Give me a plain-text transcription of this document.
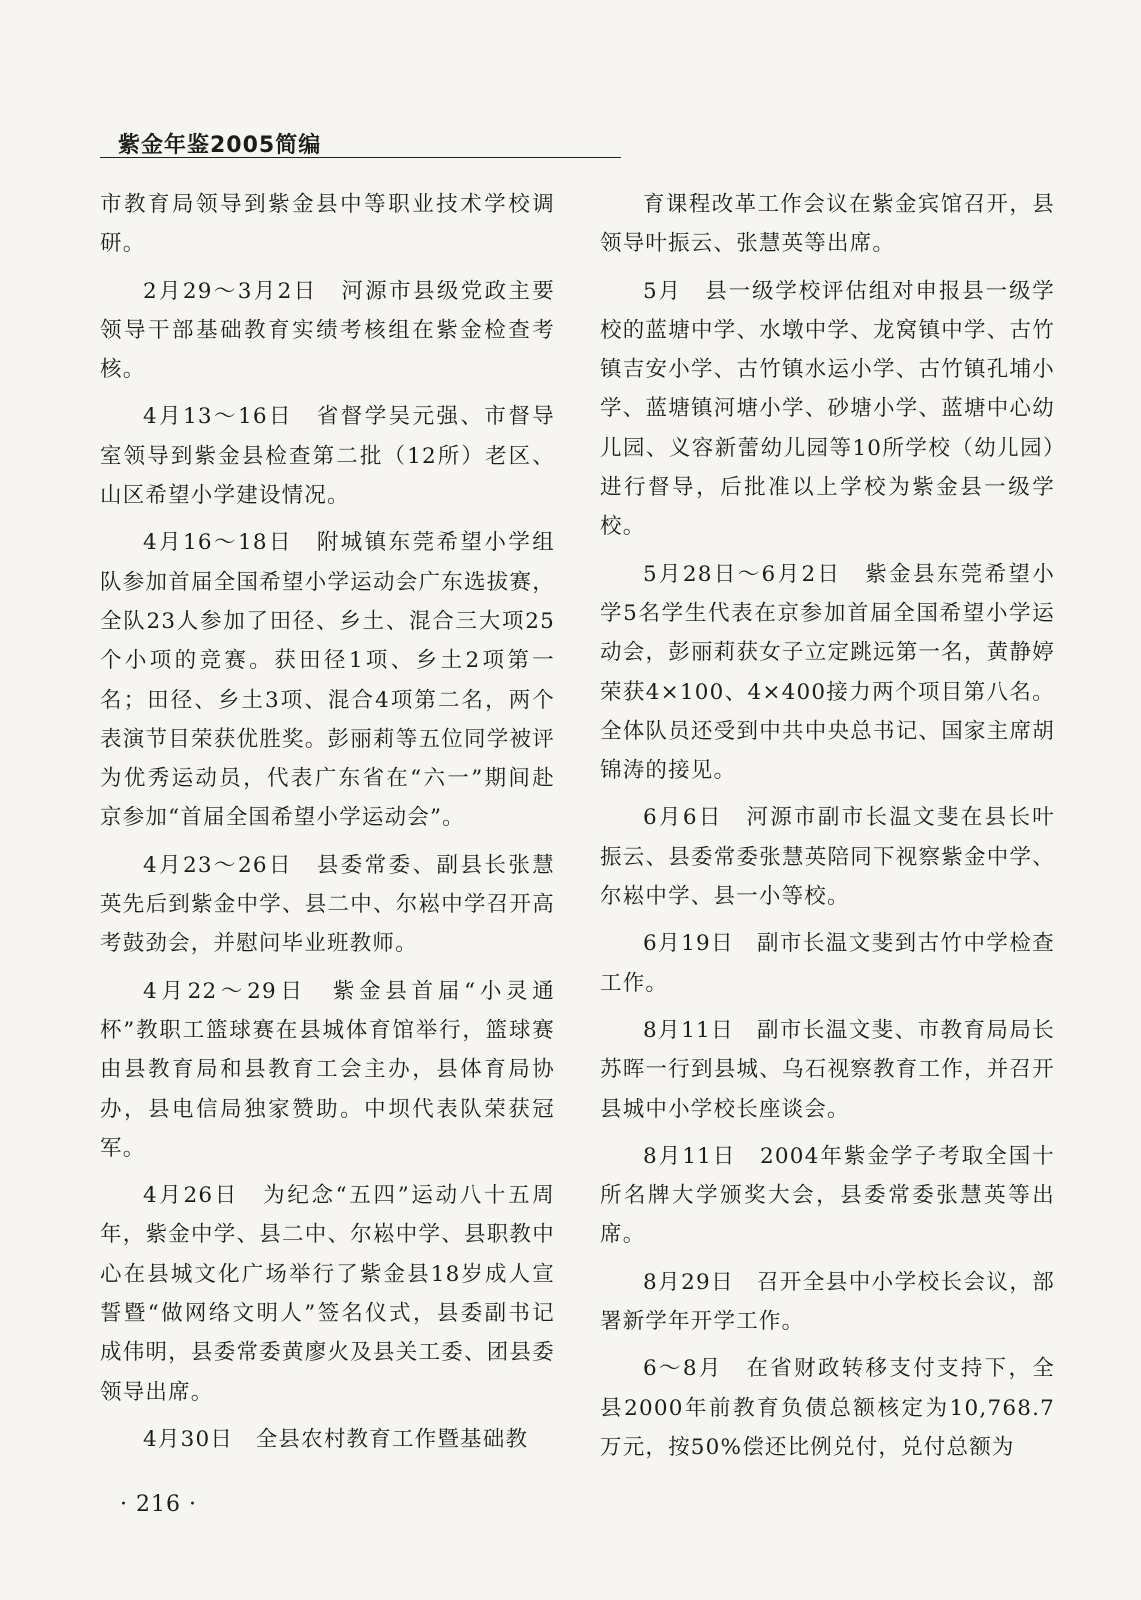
紫金年鉴2005简编

市教育局领导到紫金县中等职业技术学校调研。

2月29～3月2日　河源市县级党政主要领导干部基础教育实绩考核组在紫金检查考核。

4月13～16日　省督学吴元强、市督导室领导到紫金县检查第二批（12所）老区、山区希望小学建设情况。

4月16～18日　附城镇东莞希望小学组队参加首届全国希望小学运动会广东选拔赛，全队23人参加了田径、乡土、混合三大项25个小项的竞赛。获田径1项、乡土2项第一名；田径、乡土3项、混合4项第二名，两个表演节目荣获优胜奖。彭丽莉等五位同学被评为优秀运动员，代表广东省在“六一”期间赴京参加“首届全国希望小学运动会”。

4月23～26日　县委常委、副县长张慧英先后到紫金中学、县二中、尔崧中学召开高考鼓劲会，并慰问毕业班教师。

4月22～29日　紫金县首届“小灵通杯”教职工篮球赛在县城体育馆举行，篮球赛由县教育局和县教育工会主办，县体育局协办，县电信局独家赞助。中坝代表队荣获冠军。

4月26日　为纪念“五四”运动八十五周年，紫金中学、县二中、尔崧中学、县职教中心在县城文化广场举行了紫金县18岁成人宣誓暨“做网络文明人”签名仪式，县委副书记成伟明，县委常委黄廖火及县关工委、团县委领导出席。

4月30日　全县农村教育工作暨基础教

育课程改革工作会议在紫金宾馆召开，县领导叶振云、张慧英等出席。

5月　县一级学校评估组对申报县一级学校的蓝塘中学、水墩中学、龙窝镇中学、古竹镇吉安小学、古竹镇水运小学、古竹镇孔埔小学、蓝塘镇河塘小学、砂塘小学、蓝塘中心幼儿园、义容新蕾幼儿园等10所学校（幼儿园）进行督导，后批准以上学校为紫金县一级学校。

5月28日～6月2日　紫金县东莞希望小学5名学生代表在京参加首届全国希望小学运动会，彭丽莉获女子立定跳远第一名，黄静婷荣获4×100、4×400接力两个项目第八名。全体队员还受到中共中央总书记、国家主席胡锦涛的接见。

6月6日　河源市副市长温文斐在县长叶振云、县委常委张慧英陪同下视察紫金中学、尔崧中学、县一小等校。

6月19日　副市长温文斐到古竹中学检查工作。

8月11日　副市长温文斐、市教育局局长苏晖一行到县城、乌石视察教育工作，并召开县城中小学校长座谈会。

8月11日　2004年紫金学子考取全国十所名牌大学颁奖大会，县委常委张慧英等出席。

8月29日　召开全县中小学校长会议，部署新学年开学工作。

6～8月　在省财政转移支付支持下，全县2000年前教育负债总额核定为10,768.7万元，按50%偿还比例兑付，兑付总额为

· 216 ·
